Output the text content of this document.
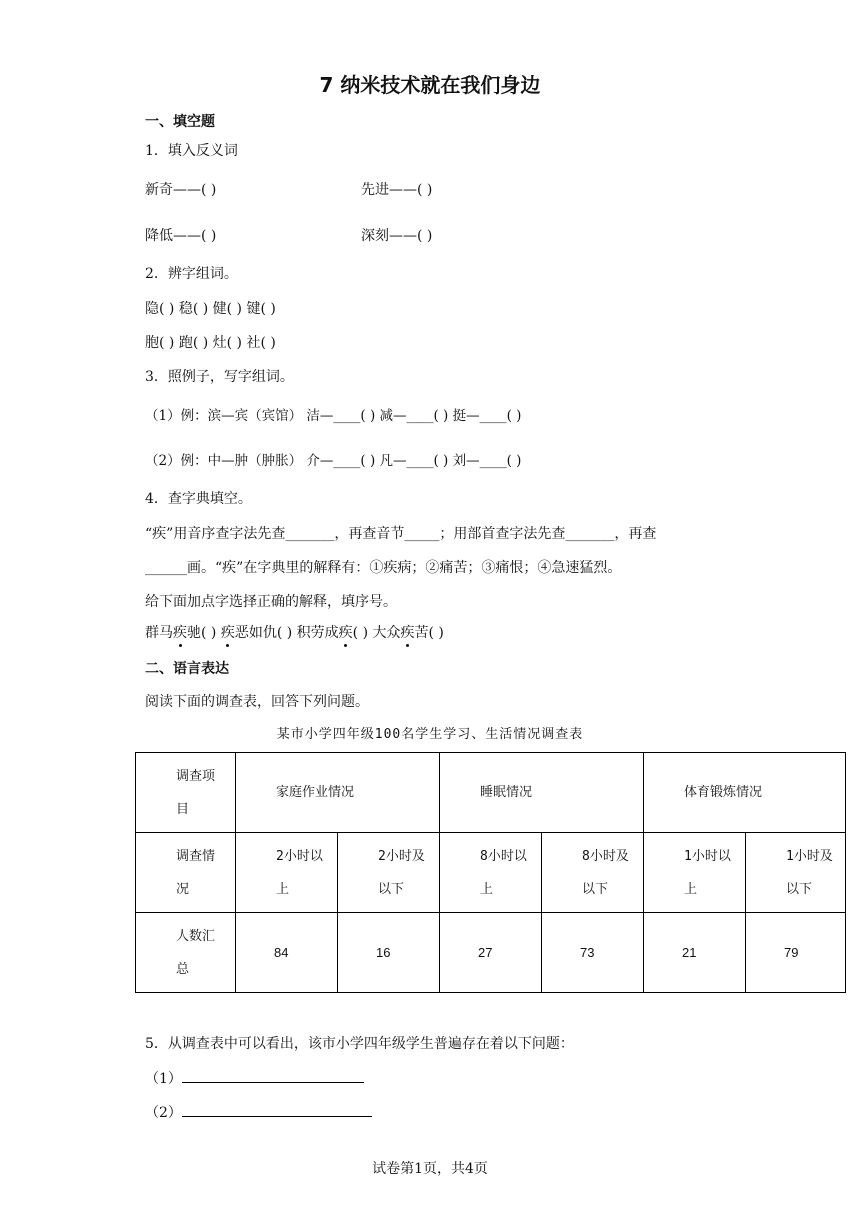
7 纳米技术就在我们身边
一、填空题
1．填入反义词
新奇——( )	先进——( )
降低——( )	深刻——( )
2．辨字组词。
隐( ) 稳( ) 健( ) 键( )
胞( ) 跑( ) 灶( ) 社( )
3．照例子，写字组词。
（1）例：滨—宾（宾馆） 洁—____( ) 减—____( ) 挺—____( )
（2）例：中—肿（肿胀） 介—____( ) 凡—____( ) 刘—____( )
4．查字典填空。
“疾”用音序查字法先查_______，再查音节_____；用部首查字法先查_______，再查
______画。“疾”在字典里的解释有：①疾病；②痛苦；③痛恨；④急速猛烈。
给下面加点字选择正确的解释，填序号。
群马疾驰( ) 疾恶如仇( ) 积劳成疾( ) 大众疾苦( )
二、语言表达
阅读下面的调查表，回答下列问题。
某市小学四年级100名学生学习、生活情况调查表
调查项目	家庭作业情况		睡眠情况		体育锻炼情况	
调查情况	2小时以上	2小时及以下	8小时以上	8小时及以下	1小时以上	1小时及以下
人数汇总	84	16	27	73	21	79
5．从调查表中可以看出，该市小学四年级学生普遍存在着以下问题：
（1）
（2）
试卷第1页，共4页
